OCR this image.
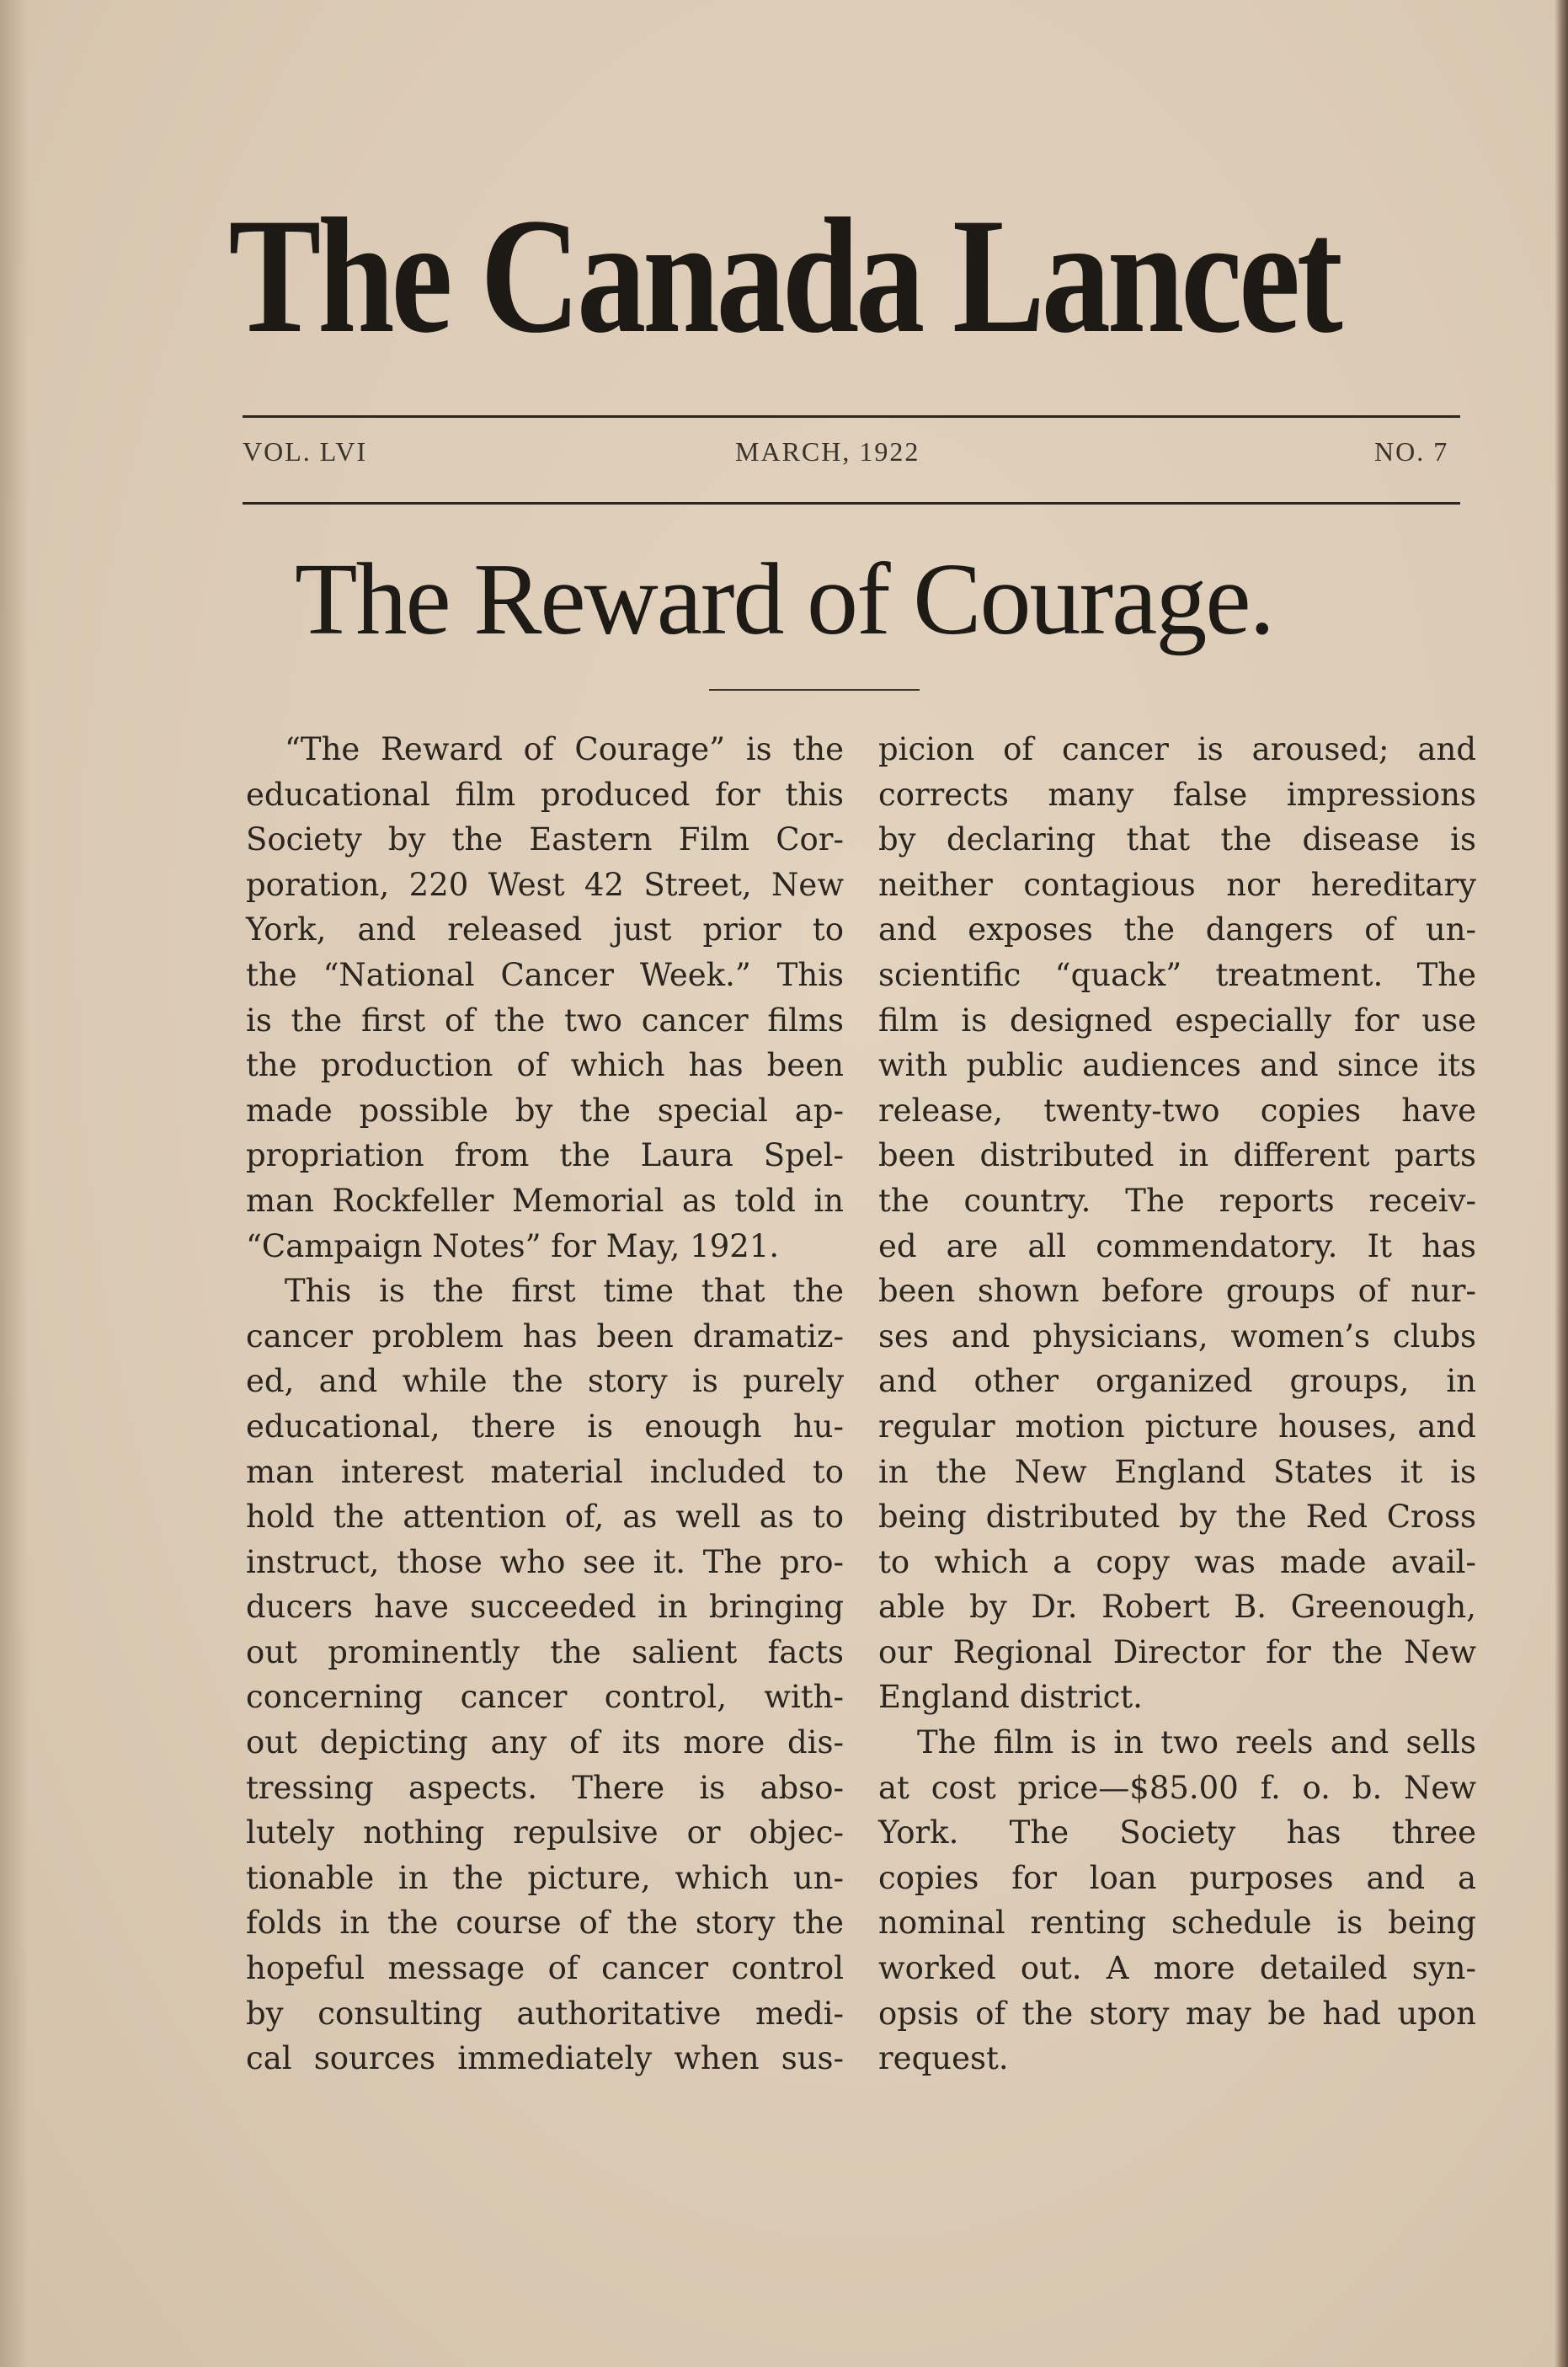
The Canada Lancet
VOL. LVI	MARCH, 1922	NO. 7
The Reward of Courage.

“The Reward of Courage” is the
educational film produced for this
Society by the Eastern Film Cor-
poration, 220 West 42 Street, New
York, and released just prior to
the “National Cancer Week.” This
is the first of the two cancer films
the production of which has been
made possible by the special ap-
propriation from the Laura Spel-
man Rockfeller Memorial as told in
“Campaign Notes” for May, 1921.

This is the first time that the
cancer problem has been dramatiz-
ed, and while the story is purely
educational, there is enough hu-
man interest material included to
hold the attention of, as well as to
instruct, those who see it. The pro-
ducers have succeeded in bringing
out prominently the salient facts
concerning cancer control, with-
out depicting any of its more dis-
tressing aspects. There is abso-
lutely nothing repulsive or objec-
tionable in the picture, which un-
folds in the course of the story the
hopeful message of cancer control
by consulting authoritative medi-
cal sources immediately when sus-

picion of cancer is aroused; and
corrects many false impressions
by declaring that the disease is
neither contagious nor hereditary
and exposes the dangers of un-
scientific “quack” treatment. The
film is designed especially for use
with public audiences and since its
release, twenty-two copies have
been distributed in different parts
the country. The reports receiv-
ed are all commendatory. It has
been shown before groups of nur-
ses and physicians, women’s clubs
and other organized groups, in
regular motion picture houses, and
in the New England States it is
being distributed by the Red Cross
to which a copy was made avail-
able by Dr. Robert B. Greenough,
our Regional Director for the New
England district.

The film is in two reels and sells
at cost price—$85.00 f. o. b. New
York. The Society has three
copies for loan purposes and a
nominal renting schedule is being
worked out. A more detailed syn-
opsis of the story may be had upon
request.
